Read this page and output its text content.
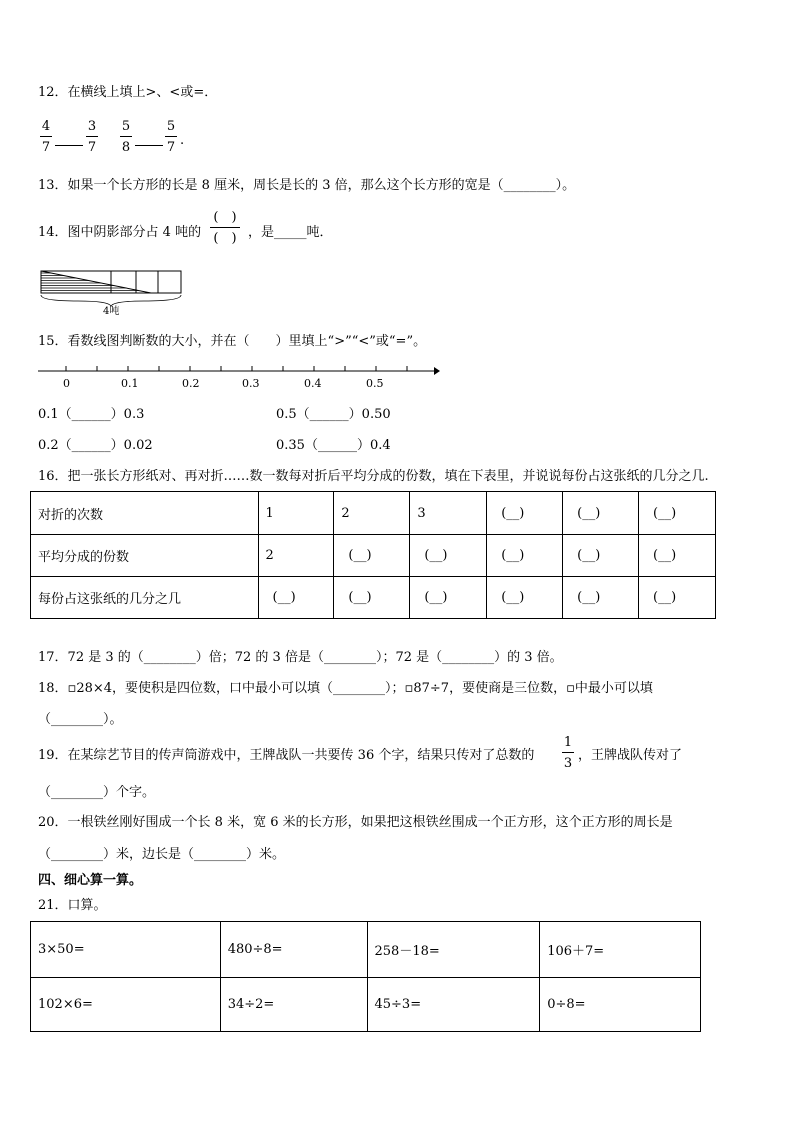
12．在横线上填上>、<或=．
4
7
3
7
5
8
5
7 .
13．如果一个长方形的长是 8 厘米，周长是长的 3 倍，那么这个长方形的宽是（________）。
14．图中阴影部分占 4 吨的
(　)
(　) ，是_____吨．
4吨
15．看数线图判断数的大小，并在（　　）里填上“>”“<”或“=”。
0	0.1	0.2	0.3	0.4	0.5
0.1（______）0.3	0.5（______）0.50
0.2（______）0.02	0.35（______）0.4
16．把一张长方形纸对、再对折……数一数每对折后平均分成的份数，填在下表里，并说说每份占这张纸的几分之几.
对折的次数	1	2	3	(__)	(__)	(__)
平均分成的份数	2	(__)	(__)	(__)	(__)	(__)
每份占这张纸的几分之几	(__)	(__)	(__)	(__)	(__)	(__)
17．72 是 3 的（________）倍；72 的 3 倍是（________）；72 是（________）的 3 倍。
18．▫28×4，要使积是四位数，口中最小可以填（________）；▫87÷7，要使商是三位数，▫中最小可以填
（________）。
19．在某综艺节目的传声筒游戏中，王牌战队一共要传 36 个字，结果只传对了总数的
1
3
，王牌战队传对了
（________）个字。
20．一根铁丝刚好围成一个长 8 米，宽 6 米的长方形，如果把这根铁丝围成一个正方形，这个正方形的周长是
（________）米，边长是（________）米。
四、细心算一算。
21．口算。
3×50=	480÷8=	258－18=	106＋7=
102×6=	34÷2=	45÷3=	0÷8=
